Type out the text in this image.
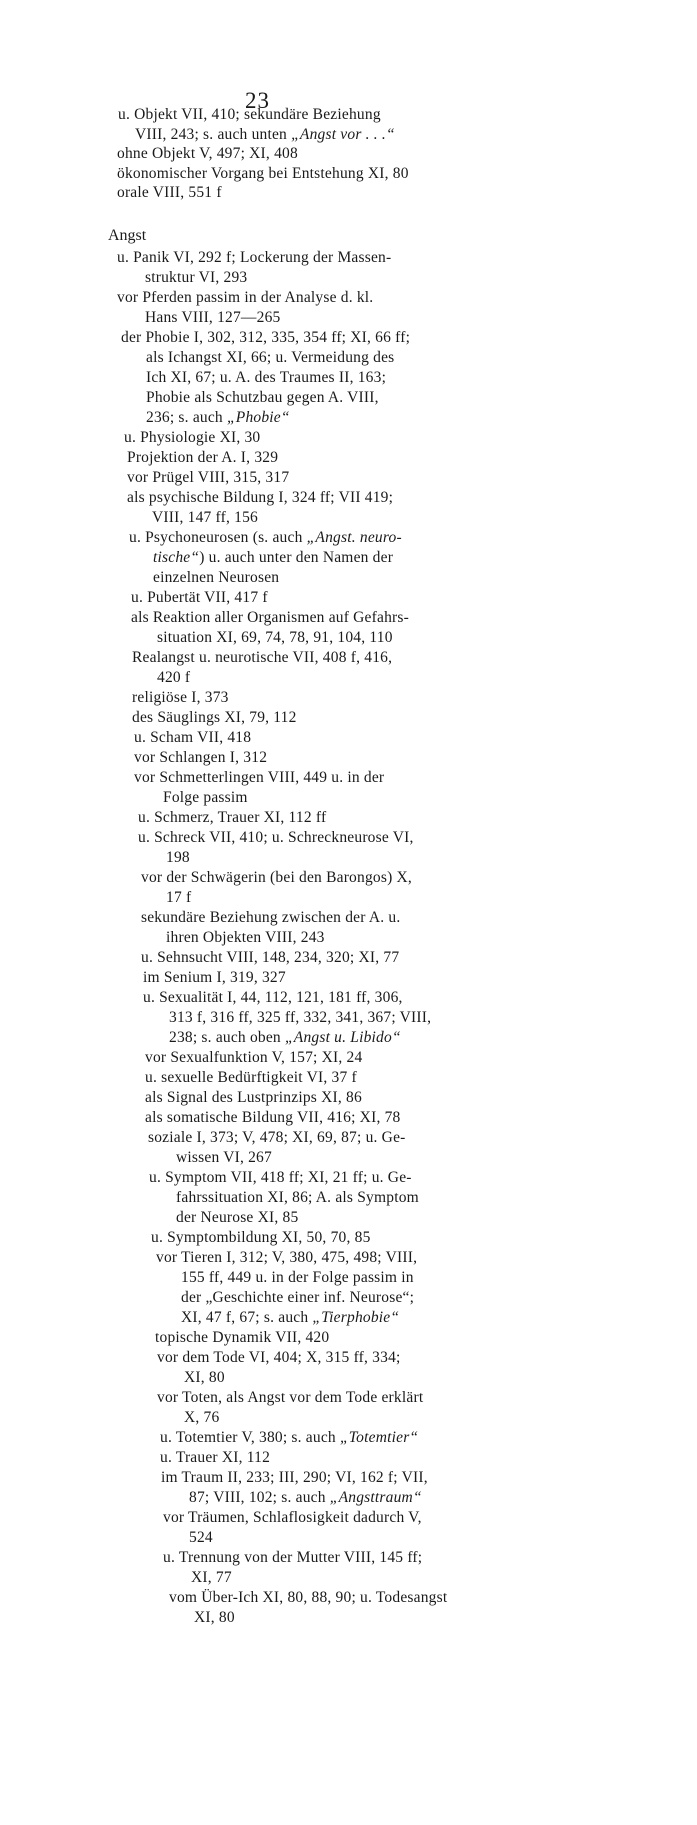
23
Angst
u. Objekt VII, 410; sekundäre Beziehung
VIII, 243; s. auch unten „Angst vor . . .“
ohne Objekt V, 497; XI, 408
ökonomischer Vorgang bei Entstehung XI, 80
orale VIII, 551 f
u. Panik VI, 292 f; Lockerung der Massen-
struktur VI, 293
vor Pferden passim in der Analyse d. kl.
Hans VIII, 127—265
der Phobie I, 302, 312, 335, 354 ff; XI, 66 ff;
als Ichangst XI, 66; u. Vermeidung des
Ich XI, 67; u. A. des Traumes II, 163;
Phobie als Schutzbau gegen A. VIII,
236; s. auch „Phobie“
u. Physiologie XI, 30
Projektion der A. I, 329
vor Prügel VIII, 315, 317
als psychische Bildung I, 324 ff; VII 419;
VIII, 147 ff, 156
u. Psychoneurosen (s. auch „Angst. neuro-
tische“) u. auch unter den Namen der
einzelnen Neurosen
u. Pubertät VII, 417 f
als Reaktion aller Organismen auf Gefahrs-
situation XI, 69, 74, 78, 91, 104, 110
Realangst u. neurotische VII, 408 f, 416,
420 f
religiöse I, 373
des Säuglings XI, 79, 112
u. Scham VII, 418
vor Schlangen I, 312
vor Schmetterlingen VIII, 449 u. in der
Folge passim
u. Schmerz, Trauer XI, 112 ff
u. Schreck VII, 410; u. Schreckneurose VI,
198
vor der Schwägerin (bei den Barongos) X,
17 f
sekundäre Beziehung zwischen der A. u.
ihren Objekten VIII, 243
u. Sehnsucht VIII, 148, 234, 320; XI, 77
im Senium I, 319, 327
u. Sexualität I, 44, 112, 121, 181 ff, 306,
313 f, 316 ff, 325 ff, 332, 341, 367; VIII,
238; s. auch oben „Angst u. Libido“
vor Sexualfunktion V, 157; XI, 24
u. sexuelle Bedürftigkeit VI, 37 f
als Signal des Lustprinzips XI, 86
als somatische Bildung VII, 416; XI, 78
soziale I, 373; V, 478; XI, 69, 87; u. Ge-
wissen VI, 267
u. Symptom VII, 418 ff; XI, 21 ff; u. Ge-
fahrssituation XI, 86; A. als Symptom
der Neurose XI, 85
u. Symptombildung XI, 50, 70, 85
vor Tieren I, 312; V, 380, 475, 498; VIII,
155 ff, 449 u. in der Folge passim in
der „Geschichte einer inf. Neurose“;
XI, 47 f, 67; s. auch „Tierphobie“
topische Dynamik VII, 420
vor dem Tode VI, 404; X, 315 ff, 334;
XI, 80
vor Toten, als Angst vor dem Tode erklärt
X, 76
u. Totemtier V, 380; s. auch „Totemtier“
u. Trauer XI, 112
im Traum II, 233; III, 290; VI, 162 f; VII,
87; VIII, 102; s. auch „Angsttraum“
vor Träumen, Schlaflosigkeit dadurch V,
524
u. Trennung von der Mutter VIII, 145 ff;
XI, 77
vom Über-Ich XI, 80, 88, 90; u. Todesangst
XI, 80
